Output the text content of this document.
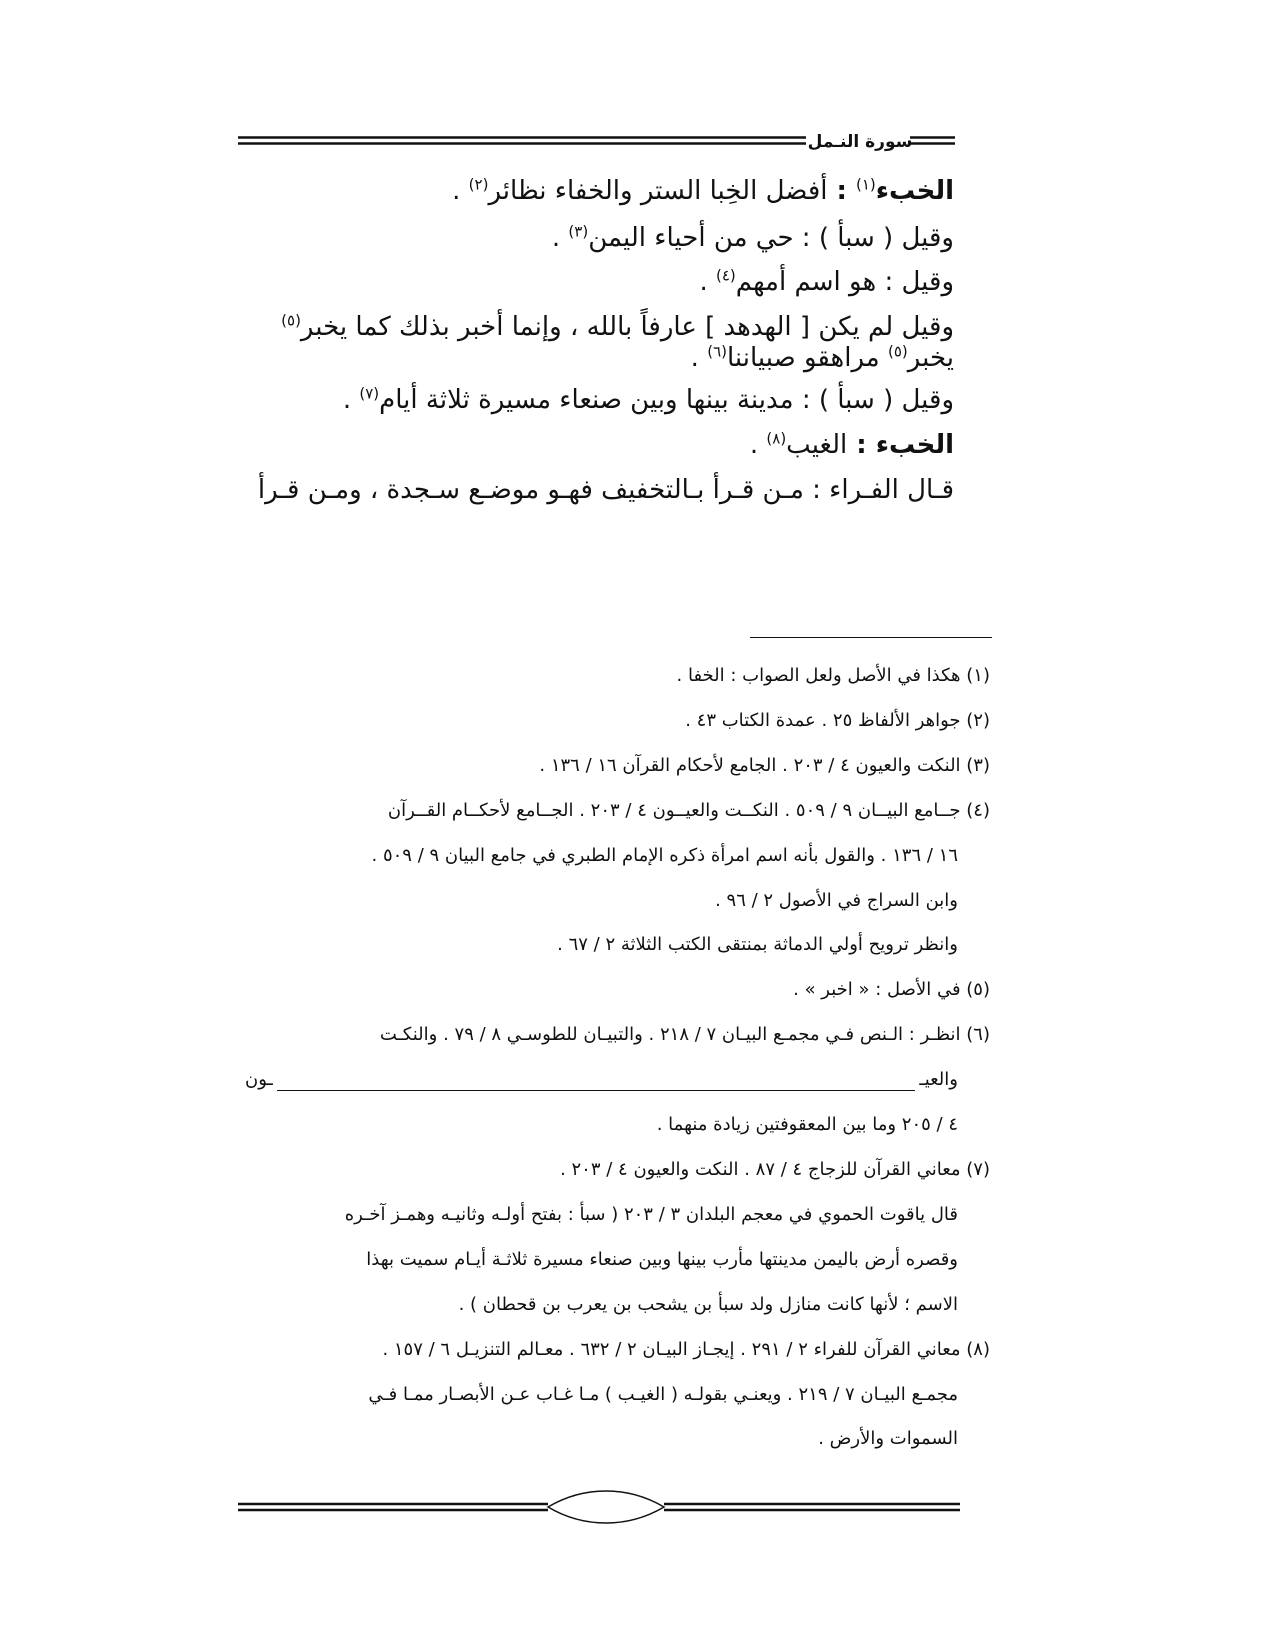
سورة النـمل

الخبء$^{(١)}$ : أفضل الخِبا الستر والخفاء نظائر$^{(٢)}$ .

وقيل ( سبأ ) : حي من أحياء اليمن$^{(٣)}$ .

وقيل : هو اسم أمهم$^{(٤)}$ .

وقيل لم يكن [ الهدهد ] عارفاً بالله ، وإنما أخبر بذلك كما يخبر$^{(٥)}$ يخبر$^{(٥)}$ مراهقو صبياننا$^{(٦)}$ .

وقيل ( سبأ ) : مدينة بينها وبين صنعاء مسيرة ثلاثة أيام$^{(٧)}$ .

الخبء : الغيب$^{(٨)}$ .

قـال الفـراء : مـن قـرأ بـالتخفيف فهـو موضـع سـجدة ، ومـن قـرأ

(١) هكذا في الأصل ولعل الصواب : الخفا .

(٢) جواهر الألفاظ ٢٥ . عمدة الكتاب ٤٣ .

(٣) النكت والعيون ٤ / ٢٠٣ . الجامع لأحكام القرآن ١٦ / ١٣٦ .

(٤) جــامع البيــان ٩ / ٥٠٩ . النكــت والعيــون ٤ / ٢٠٣ . الجــامع لأحكــام القــرآن

١٦ / ١٣٦ . والقول بأنه اسم امرأة ذكره الإمام الطبري في جامع البيان ٩ / ٥٠٩ .

وابن السراج في الأصول ٢ / ٩٦ .

وانظر ترويح أولي الدماثة بمنتقى الكتب الثلاثة ٢ / ٦٧ .

(٥) في الأصل : « اخبر » .

(٦) انظـر : الـنص فـي مجمـع البيـان ٧ / ٢١٨ . والتبيـان للطوسـي ٨ / ٧٩ . والنكـت

والعيـ
ـون

٤ / ٢٠٥ وما بين المعقوفتين زيادة منهما .

(٧) معاني القرآن للزجاج ٤ / ٨٧ . النكت والعيون ٤ / ٢٠٣ .

قال ياقوت الحموي في معجم البلدان ٣ / ٢٠٣ ( سبأ : بفتح أولـه وثانيـه وهمـز آخـره

وقصره أرض باليمن مدينتها مأرب بينها وبين صنعاء مسيرة ثلاثـة أيـام سميت بهذا

الاسم ؛ لأنها كانت منازل ولد سبأ بن يشحب بن يعرب بن قحطان ) .

(٨) معاني القرآن للفراء ٢ / ٢٩١ . إيجـاز البيـان ٢ / ٦٣٢ . معـالم التنزيـل ٦ / ١٥٧ .

مجمـع البيـان ٧ / ٢١٩ . ويعنـي بقولـه ( الغيـب ) مـا غـاب عـن الأبصـار ممـا فـي

السموات والأرض .
